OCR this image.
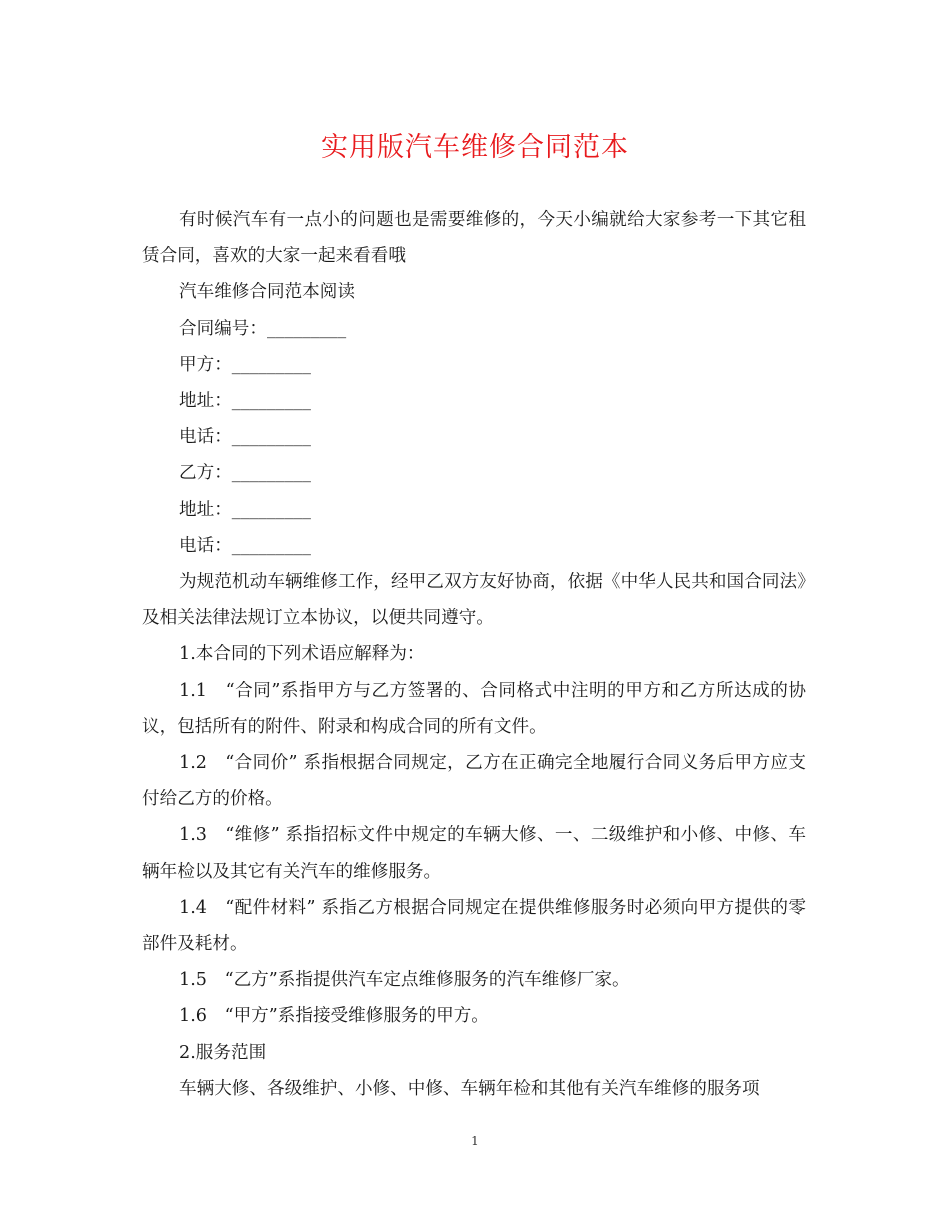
实用版汽车维修合同范本

有时候汽车有一点小的问题也是需要维修的，今天小编就给大家参考一下其它租赁合同，喜欢的大家一起来看看哦

汽车维修合同范本阅读

合同编号：_________

甲方：_________

地址：_________

电话：_________

乙方：_________

地址：_________

电话：_________

为规范机动车辆维修工作，经甲乙双方友好协商，依据《中华人民共和国合同法》及相关法律法规订立本协议，以便共同遵守。

1.本合同的下列术语应解释为：

1.1　“合同”系指甲方与乙方签署的、合同格式中注明的甲方和乙方所达成的协议，包括所有的附件、附录和构成合同的所有文件。

1.2　“合同价” 系指根据合同规定，乙方在正确完全地履行合同义务后甲方应支付给乙方的价格。

1.3　“维修” 系指招标文件中规定的车辆大修、一、二级维护和小修、中修、车辆年检以及其它有关汽车的维修服务。

1.4　“配件材料” 系指乙方根据合同规定在提供维修服务时必须向甲方提供的零部件及耗材。

1.5　“乙方”系指提供汽车定点维修服务的汽车维修厂家。

1.6　“甲方”系指接受维修服务的甲方。

2.服务范围

车辆大修、各级维护、小修、中修、车辆年检和其他有关汽车维修的服务项

1
